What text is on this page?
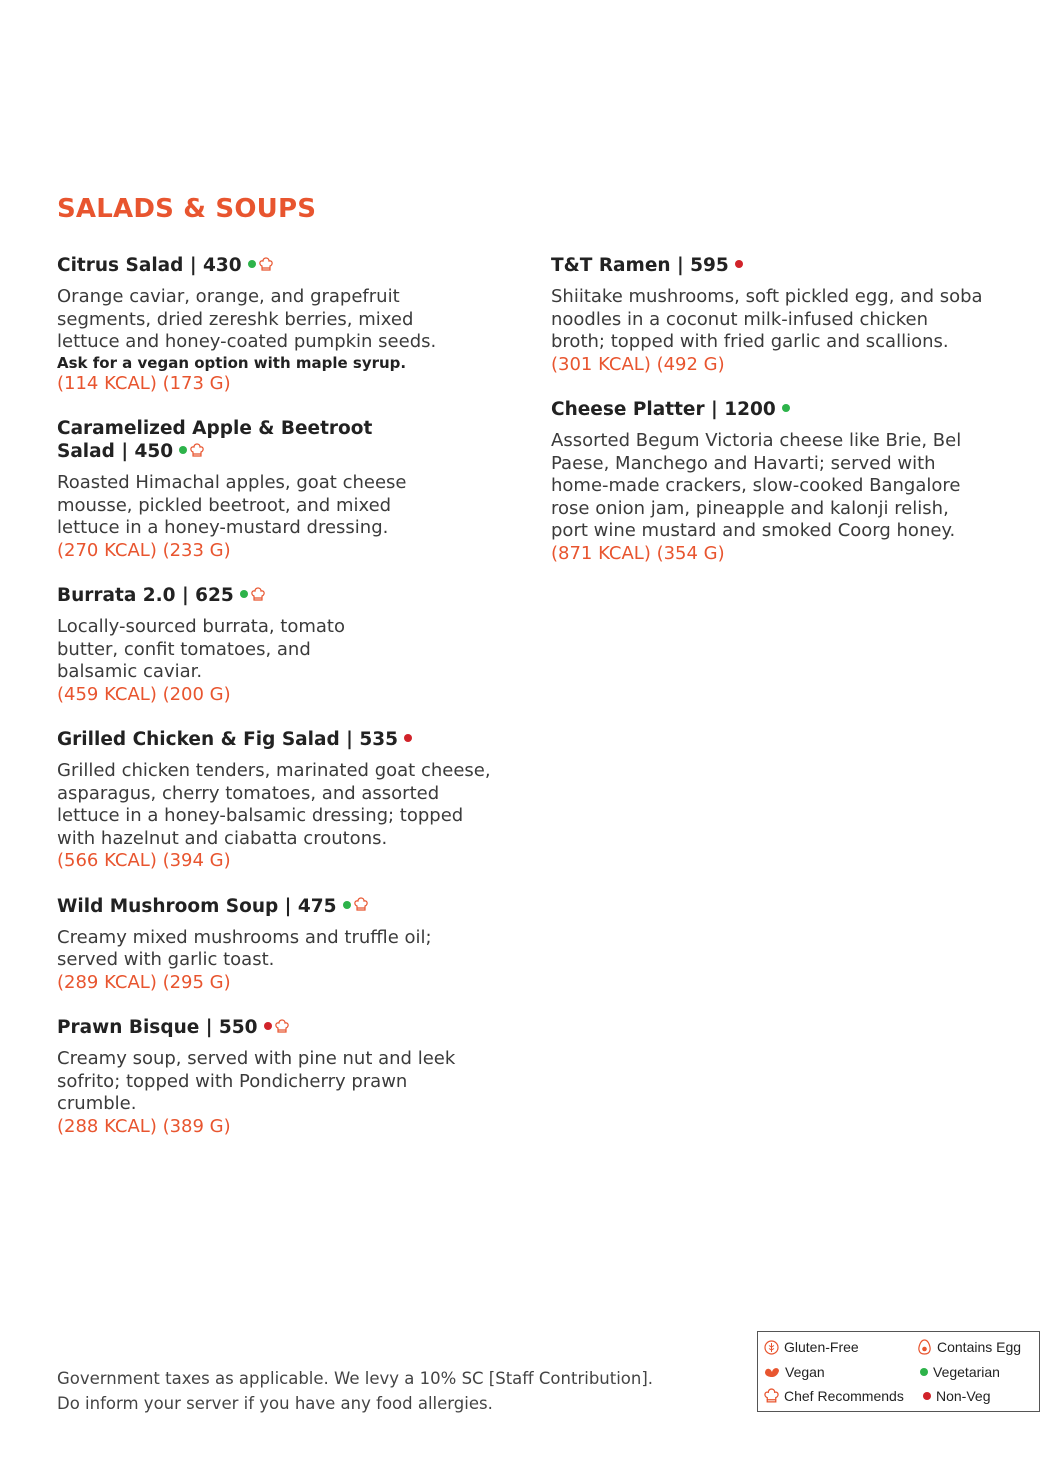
SALADS & SOUPS

Citrus Salad | 430

Orange caviar, orange, and grapefruit segments, dried zereshk berries, mixed lettuce and honey-coated pumpkin seeds.

Ask for a vegan option with maple syrup.

(114 KCAL) (173 G)

Caramelized Apple & Beetroot Salad | 450

Roasted Himachal apples, goat cheese mousse, pickled beetroot, and mixed lettuce in a honey-mustard dressing.

(270 KCAL) (233 G)

Burrata 2.0 | 625

Locally-sourced burrata, tomato butter, confit tomatoes, and balsamic caviar.

(459 KCAL) (200 G)

Grilled Chicken & Fig Salad | 535

Grilled chicken tenders, marinated goat cheese, asparagus, cherry tomatoes, and assorted lettuce in a honey-balsamic dressing; topped with hazelnut and ciabatta croutons.

(566 KCAL) (394 G)

Wild Mushroom Soup | 475

Creamy mixed mushrooms and truffle oil; served with garlic toast.

(289 KCAL) (295 G)

Prawn Bisque | 550

Creamy soup, served with pine nut and leek sofrito; topped with Pondicherry prawn crumble.

(288 KCAL) (389 G)

T&T Ramen | 595

Shiitake mushrooms, soft pickled egg, and soba noodles in a coconut milk-infused chicken broth; topped with fried garlic and scallions.

(301 KCAL) (492 G)

Cheese Platter | 1200

Assorted Begum Victoria cheese like Brie, Bel Paese, Manchego and Havarti; served with home-made crackers, slow-cooked Bangalore rose onion jam, pineapple and kalonji relish, port wine mustard and smoked Coorg honey.

(871 KCAL) (354 G)

Government taxes as applicable. We levy a 10% SC [Staff Contribution].
Do inform your server if you have any food allergies.
Gluten-Free	Contains Egg
Vegan	Vegetarian
Chef Recommends Non-Veg
